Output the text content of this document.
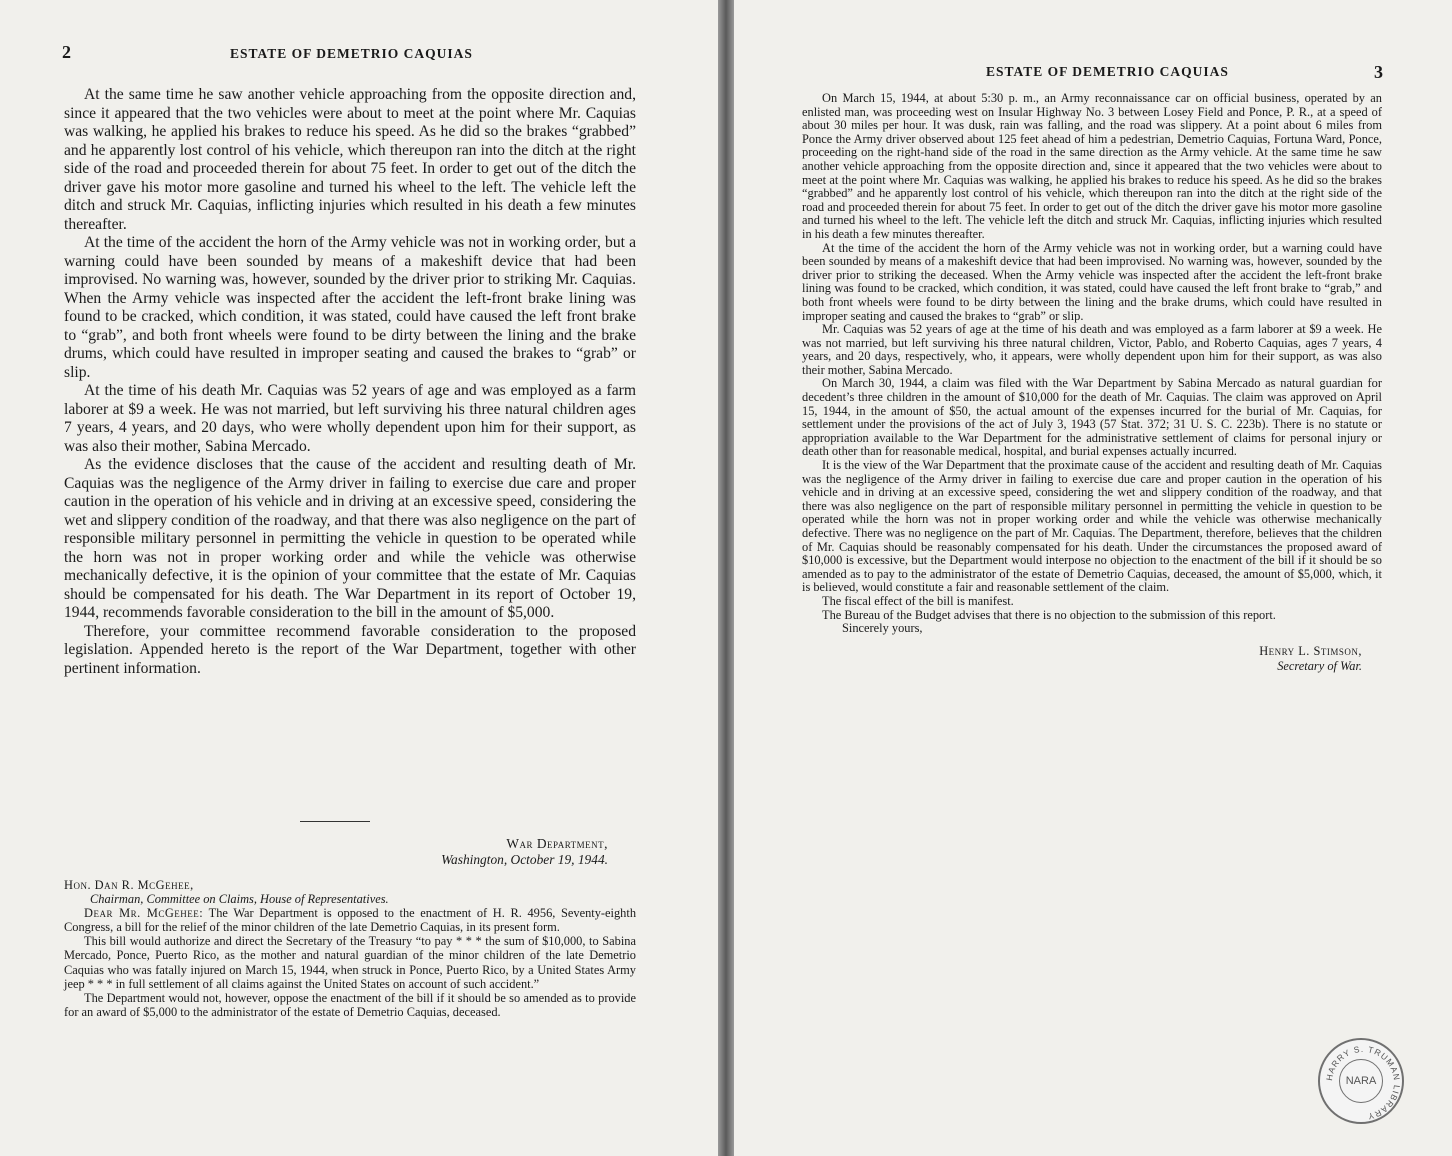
2	ESTATE OF DEMETRIO CAQUIAS

At the same time he saw another vehicle approaching from the opposite direction and, since it appeared that the two vehicles were about to meet at the point where Mr. Caquias was walking, he applied his brakes to reduce his speed. As he did so the brakes “grabbed” and he apparently lost control of his vehicle, which thereupon ran into the ditch at the right side of the road and proceeded therein for about 75 feet. In order to get out of the ditch the driver gave his motor more gasoline and turned his wheel to the left. The vehicle left the ditch and struck Mr. Caquias, inflicting injuries which resulted in his death a few minutes thereafter.

At the time of the accident the horn of the Army vehicle was not in working order, but a warning could have been sounded by means of a makeshift device that had been improvised. No warning was, however, sounded by the driver prior to striking Mr. Caquias. When the Army vehicle was inspected after the accident the left-front brake lining was found to be cracked, which condition, it was stated, could have caused the left front brake to “grab”, and both front wheels were found to be dirty between the lining and the brake drums, which could have resulted in improper seating and caused the brakes to “grab” or slip.

At the time of his death Mr. Caquias was 52 years of age and was employed as a farm laborer at $9 a week. He was not married, but left surviving his three natural children ages 7 years, 4 years, and 20 days, who were wholly dependent upon him for their support, as was also their mother, Sabina Mercado.

As the evidence discloses that the cause of the accident and resulting death of Mr. Caquias was the negligence of the Army driver in failing to exercise due care and proper caution in the operation of his vehicle and in driving at an excessive speed, considering the wet and slippery condition of the roadway, and that there was also negligence on the part of responsible military personnel in permitting the vehicle in question to be operated while the horn was not in proper working order and while the vehicle was otherwise mechanically defective, it is the opinion of your committee that the estate of Mr. Caquias should be compensated for his death. The War Department in its report of October 19, 1944, recommends favorable consideration to the bill in the amount of $5,000.

Therefore, your committee recommend favorable consideration to the proposed legislation. Appended hereto is the report of the War Department, together with other pertinent information.

War Department,
Washington, October 19, 1944.
Hon. Dan R. McGehee,
Chairman, Committee on Claims, House of Representatives.

Dear Mr. McGehee: The War Department is opposed to the enactment of H. R. 4956, Seventy-eighth Congress, a bill for the relief of the minor children of the late Demetrio Caquias, in its present form.

This bill would authorize and direct the Secretary of the Treasury “to pay * * * the sum of $10,000, to Sabina Mercado, Ponce, Puerto Rico, as the mother and natural guardian of the minor children of the late Demetrio Caquias who was fatally injured on March 15, 1944, when struck in Ponce, Puerto Rico, by a United States Army jeep * * * in full settlement of all claims against the United States on account of such accident.”

The Department would not, however, oppose the enactment of the bill if it should be so amended as to provide for an award of $5,000 to the administrator of the estate of Demetrio Caquias, deceased.

ESTATE OF DEMETRIO CAQUIAS	3

On March 15, 1944, at about 5:30 p. m., an Army reconnaissance car on official business, operated by an enlisted man, was proceeding west on Insular Highway No. 3 between Losey Field and Ponce, P. R., at a speed of about 30 miles per hour. It was dusk, rain was falling, and the road was slippery. At a point about 6 miles from Ponce the Army driver observed about 125 feet ahead of him a pedestrian, Demetrio Caquias, Fortuna Ward, Ponce, proceeding on the right-hand side of the road in the same direction as the Army vehicle. At the same time he saw another vehicle approaching from the opposite direction and, since it appeared that the two vehicles were about to meet at the point where Mr. Caquias was walking, he applied his brakes to reduce his speed. As he did so the brakes “grabbed” and he apparently lost control of his vehicle, which thereupon ran into the ditch at the right side of the road and proceeded therein for about 75 feet. In order to get out of the ditch the driver gave his motor more gasoline and turned his wheel to the left. The vehicle left the ditch and struck Mr. Caquias, inflicting injuries which resulted in his death a few minutes thereafter.

At the time of the accident the horn of the Army vehicle was not in working order, but a warning could have been sounded by means of a makeshift device that had been improvised. No warning was, however, sounded by the driver prior to striking the deceased. When the Army vehicle was inspected after the accident the left-front brake lining was found to be cracked, which condition, it was stated, could have caused the left front brake to “grab,” and both front wheels were found to be dirty between the lining and the brake drums, which could have resulted in improper seating and caused the brakes to “grab” or slip.

Mr. Caquias was 52 years of age at the time of his death and was employed as a farm laborer at $9 a week. He was not married, but left surviving his three natural children, Victor, Pablo, and Roberto Caquias, ages 7 years, 4 years, and 20 days, respectively, who, it appears, were wholly dependent upon him for their support, as was also their mother, Sabina Mercado.

On March 30, 1944, a claim was filed with the War Department by Sabina Mercado as natural guardian for decedent’s three children in the amount of $10,000 for the death of Mr. Caquias. The claim was approved on April 15, 1944, in the amount of $50, the actual amount of the expenses incurred for the burial of Mr. Caquias, for settlement under the provisions of the act of July 3, 1943 (57 Stat. 372; 31 U. S. C. 223b). There is no statute or appropriation available to the War Department for the administrative settlement of claims for personal injury or death other than for reasonable medical, hospital, and burial expenses actually incurred.

It is the view of the War Department that the proximate cause of the accident and resulting death of Mr. Caquias was the negligence of the Army driver in failing to exercise due care and proper caution in the operation of his vehicle and in driving at an excessive speed, considering the wet and slippery condition of the roadway, and that there was also negligence on the part of responsible military personnel in permitting the vehicle in question to be operated while the horn was not in proper working order and while the vehicle was otherwise mechanically defective. There was no negligence on the part of Mr. Caquias. The Department, therefore, believes that the children of Mr. Caquias should be reasonably compensated for his death. Under the circumstances the proposed award of $10,000 is excessive, but the Department would interpose no objection to the enactment of the bill if it should be so amended as to pay to the administrator of the estate of Demetrio Caquias, deceased, the amount of $5,000, which, it is believed, would constitute a fair and reasonable settlement of the claim.

The fiscal effect of the bill is manifest.

The Bureau of the Budget advises that there is no objection to the submission of this report.

Sincerely yours,

Henry L. Stimson,
Secretary of War.
HARRY S. TRUMAN LIBRARY
NARA
